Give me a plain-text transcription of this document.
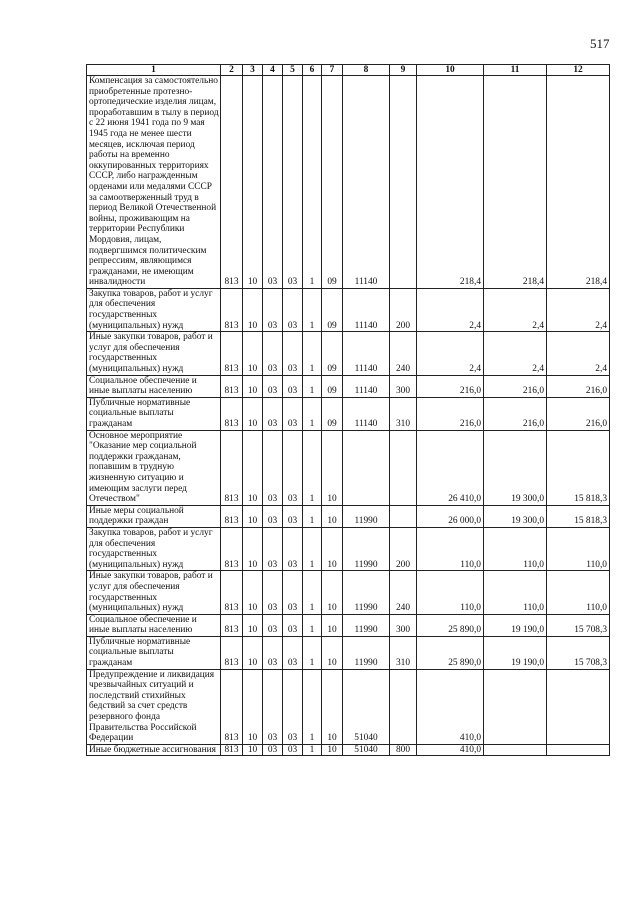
517
1	2	3	4	5	6	7	8	9	10	11	12
Компенсация за самостоятельно приобретенные протезно-ортопедические изделия лицам, проработавшим в тылу в период с 22 июня 1941 года по 9 мая 1945 года не менее шести месяцев, исключая период работы на временно оккупированных территориях СССР, либо награжденным орденами или медалями СССР за самоотверженный труд в период Великой Отечественной войны, проживающим на территории Республики Мордовия, лицам, подвергшимся политическим репрессиям, являющимся гражданами, не имеющим инвалидности	813	10	03	03	1	09	11140		218,4	218,4	218,4
Закупка товаров, работ и услуг для обеспечения государственных (муниципальных) нужд	813	10	03	03	1	09	11140	200	2,4	2,4	2,4
Иные закупки товаров, работ и услуг для обеспечения государственных (муниципальных) нужд	813	10	03	03	1	09	11140	240	2,4	2,4	2,4
Социальное обеспечение и иные выплаты населению	813	10	03	03	1	09	11140	300	216,0	216,0	216,0
Публичные нормативные социальные выплаты гражданам	813	10	03	03	1	09	11140	310	216,0	216,0	216,0
Основное мероприятие "Оказание мер социальной поддержки гражданам, попавшим в трудную жизненную ситуацию и имеющим заслуги перед Отечеством"	813	10	03	03	1	10			26 410,0	19 300,0	15 818,3
Иные меры социальной поддержки граждан	813	10	03	03	1	10	11990		26 000,0	19 300,0	15 818,3
Закупка товаров, работ и услуг для обеспечения государственных (муниципальных) нужд	813	10	03	03	1	10	11990	200	110,0	110,0	110,0
Иные закупки товаров, работ и услуг для обеспечения государственных (муниципальных) нужд	813	10	03	03	1	10	11990	240	110,0	110,0	110,0
Социальное обеспечение и иные выплаты населению	813	10	03	03	1	10	11990	300	25 890,0	19 190,0	15 708,3
Публичные нормативные социальные выплаты гражданам	813	10	03	03	1	10	11990	310	25 890,0	19 190,0	15 708,3
Предупреждение и ликвидация чрезвычайных ситуаций и последствий стихийных бедствий за счет средств резервного фонда Правительства Российской Федерации	813	10	03	03	1	10	51040		410,0		
Иные бюджетные ассигнования	813	10	03	03	1	10	51040	800	410,0		
